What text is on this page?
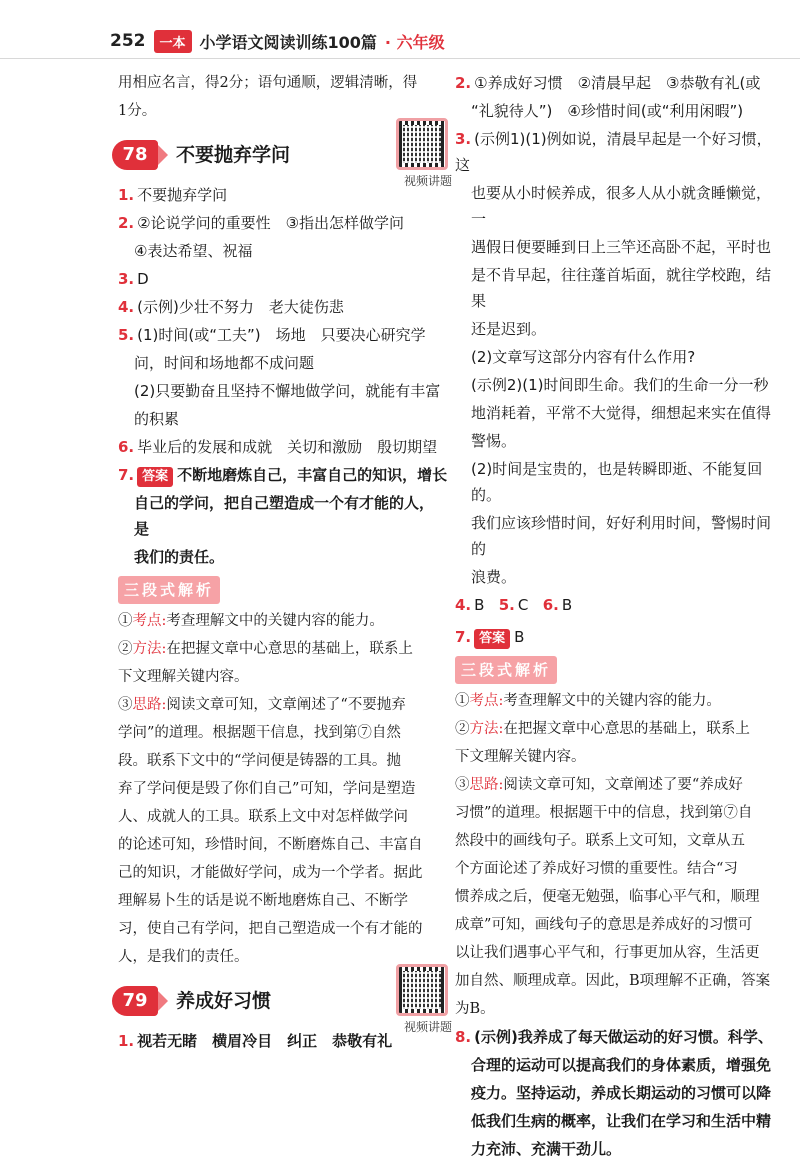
252	一本 小学语文阅读训练100篇 · 六年级
用相应名言，得2分；语句通顺，逻辑清晰，得
1分。
78	不要抛弃学问
视频讲题
1. 不要抛弃学问
2. ②论说学问的重要性　③指出怎样做学问
④表达希望、祝福
3. D
4. (示例)少壮不努力　老大徒伤悲
5. (1)时间(或“工夫”)　场地　只要决心研究学
问，时间和场地都不成问题
(2)只要勤奋且坚持不懈地做学问，就能有丰富
的积累
6. 毕业后的发展和成就　关切和激励　殷切期望
7. 答案 不断地磨炼自己，丰富自己的知识，增长
自己的学问，把自己塑造成一个有才能的人，是
我们的责任。
三段式解析
①考点:考查理解文中的关键内容的能力。
②方法:在把握文章中心意思的基础上，联系上
下文理解关键内容。
③思路:阅读文章可知，文章阐述了“不要抛弃
学问”的道理。根据题干信息，找到第⑦自然
段。联系下文中的“学问便是铸器的工具。抛
弃了学问便是毁了你们自己”可知，学问是塑造
人、成就人的工具。联系上文中对怎样做学问
的论述可知，珍惜时间，不断磨炼自己、丰富自
己的知识，才能做好学问，成为一个学者。据此
理解易卜生的话是说不断地磨炼自己、不断学
习，使自己有学问，把自己塑造成一个有才能的
人，是我们的责任。
79	养成好习惯
视频讲题
1. 视若无睹　横眉冷目　纠正　恭敬有礼
2. ①养成好习惯　②清晨早起　③恭敬有礼(或
“礼貌待人”)　④珍惜时间(或“利用闲暇”)
3. (示例1)(1)例如说，清晨早起是一个好习惯，这
也要从小时候养成，很多人从小就贪睡懒觉，一
遇假日便要睡到日上三竿还高卧不起，平时也
是不肯早起，往往蓬首垢面，就往学校跑，结果
还是迟到。
(2)文章写这部分内容有什么作用?
(示例2)(1)时间即生命。我们的生命一分一秒
地消耗着，平常不大觉得，细想起来实在值得
警惕。
(2)时间是宝贵的，也是转瞬即逝、不能复回的。
我们应该珍惜时间，好好利用时间，警惕时间的
浪费。
4. B 5. C 6. B
7. 答案 B
三段式解析
①考点:考查理解文中的关键内容的能力。
②方法:在把握文章中心意思的基础上，联系上
下文理解关键内容。
③思路:阅读文章可知，文章阐述了要“养成好
习惯”的道理。根据题干中的信息，找到第⑦自
然段中的画线句子。联系上文可知，文章从五
个方面论述了养成好习惯的重要性。结合“习
惯养成之后，便毫无勉强，临事心平气和，顺理
成章”可知，画线句子的意思是养成好的习惯可
以让我们遇事心平气和，行事更加从容，生活更
加自然、顺理成章。因此，B项理解不正确，答案
为B。
8. (示例)我养成了每天做运动的好习惯。科学、
合理的运动可以提高我们的身体素质，增强免
疫力。坚持运动，养成长期运动的习惯可以降
低我们生病的概率，让我们在学习和生活中精
力充沛、充满干劲儿。
